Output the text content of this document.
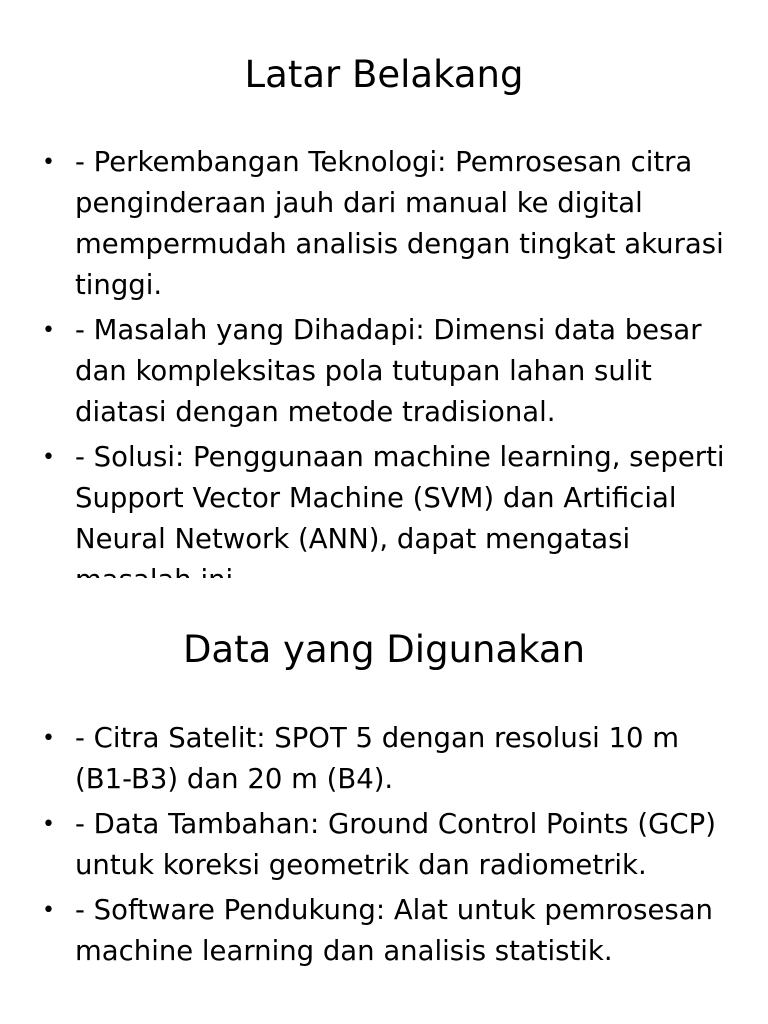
Latar Belakang
• - Perkembangan Teknologi: Pemrosesan citra penginderaan jauh dari manual ke digital mempermudah analisis dengan tingkat akurasi tinggi.
• - Masalah yang Dihadapi: Dimensi data besar dan kompleksitas pola tutupan lahan sulit diatasi dengan metode tradisional.
• - Solusi: Penggunaan machine learning, seperti Support Vector Machine (SVM) dan Artificial Neural Network (ANN), dapat mengatasi
Data yang Digunakan
• - Citra Satelit: SPOT 5 dengan resolusi 10 m (B1-B3) dan 20 m (B4).
• - Data Tambahan: Ground Control Points (GCP) untuk koreksi geometrik dan radiometrik.
• - Software Pendukung: Alat untuk pemrosesan machine learning dan analisis statistik.
